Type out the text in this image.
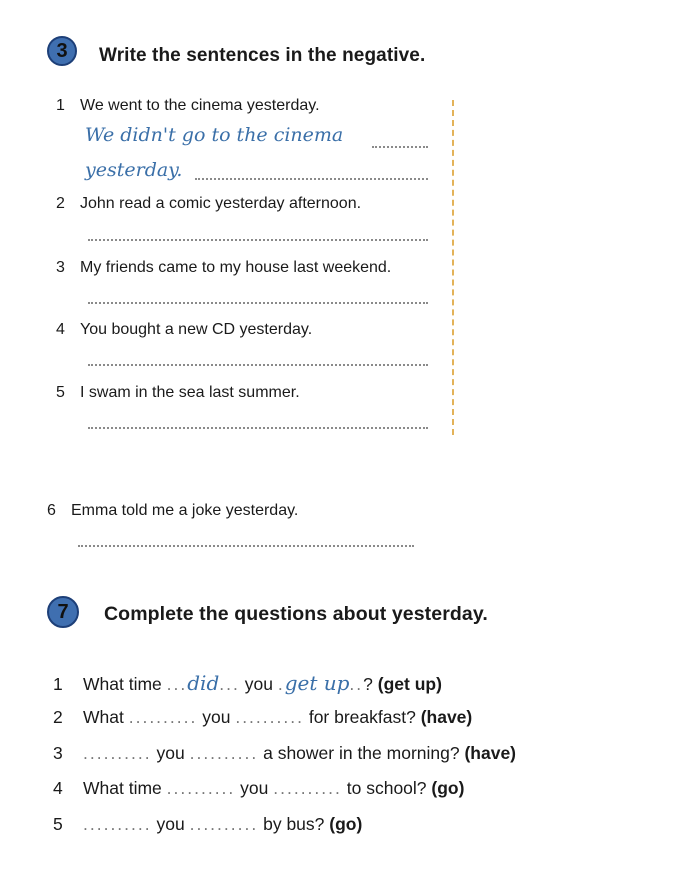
3	Write the sentences in the negative.
1 We went to the cinema yesterday.
We didn't go to the cinema
yesterday.
2 John read a comic yesterday afternoon.
3 My friends came to my house last weekend.
4 You bought a new CD yesterday.
5 I swam in the sea last summer.
6 Emma told me a joke yesterday.
7	Complete the questions about yesterday.
1 What time ...did... you .get up..? (get up)
2 What .......... you .......... for breakfast? (have)
3 .......... you .......... a shower in the morning? (have)
4 What time .......... you .......... to school? (go)
5 .......... you .......... by bus? (go)
